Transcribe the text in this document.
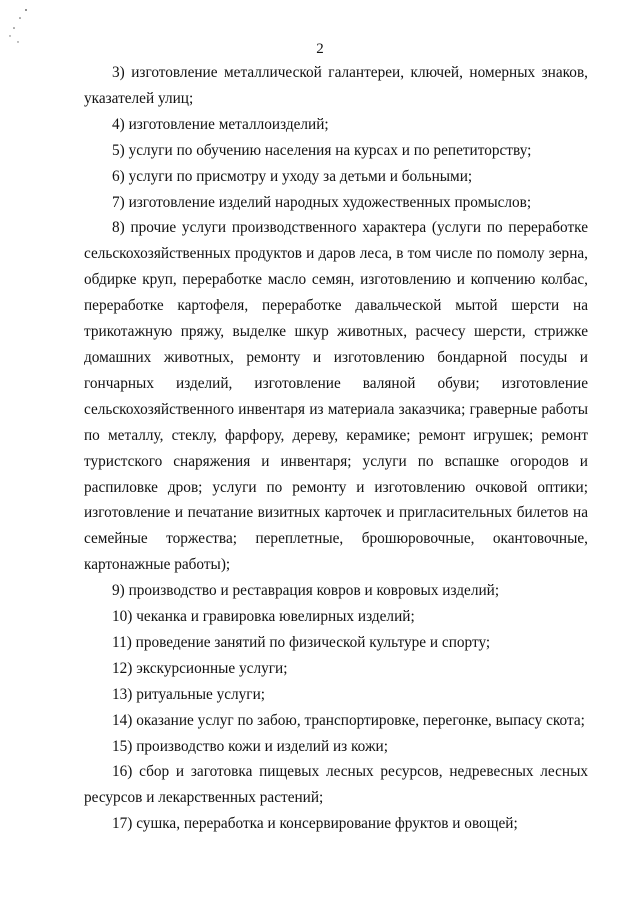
2

3) изготовление металлической галантереи, ключей, номерных знаков, указателей улиц;

4) изготовление металлоизделий;

5) услуги по обучению населения на курсах и по репетиторству;

6) услуги по присмотру и уходу за детьми и больными;

7) изготовление изделий народных художественных промыслов;

8) прочие услуги производственного характера (услуги по переработке сельскохозяйственных продуктов и даров леса, в том числе по помолу зерна, обдирке круп, переработке масло семян, изготовлению и копчению колбас, переработке картофеля, переработке давальческой мытой шерсти на трикотажную пряжу, выделке шкур животных, расчесу шерсти, стрижке домашних животных, ремонту и изготовлению бондарной посуды и гончарных изделий, изготовление валяной обуви; изготовление сельскохозяйственного инвентаря из материала заказчика; граверные работы по металлу, стеклу, фарфору, дереву, керамике; ремонт игрушек; ремонт туристского снаряжения и инвентаря; услуги по вспашке огородов и распиловке дров; услуги по ремонту и изготовлению очковой оптики; изготовление и печатание визитных карточек и пригласительных билетов на семейные торжества; переплетные, брошюровочные, окантовочные, картонажные работы);

9) производство и реставрация ковров и ковровых изделий;

10) чеканка и гравировка ювелирных изделий;

11) проведение занятий по физической культуре и спорту;

12) экскурсионные услуги;

13) ритуальные услуги;

14) оказание услуг по забою, транспортировке, перегонке, выпасу скота;

15) производство кожи и изделий из кожи;

16) сбор и заготовка пищевых лесных ресурсов, недревесных лесных ресурсов и лекарственных растений;

17) сушка, переработка и консервирование фруктов и овощей;
